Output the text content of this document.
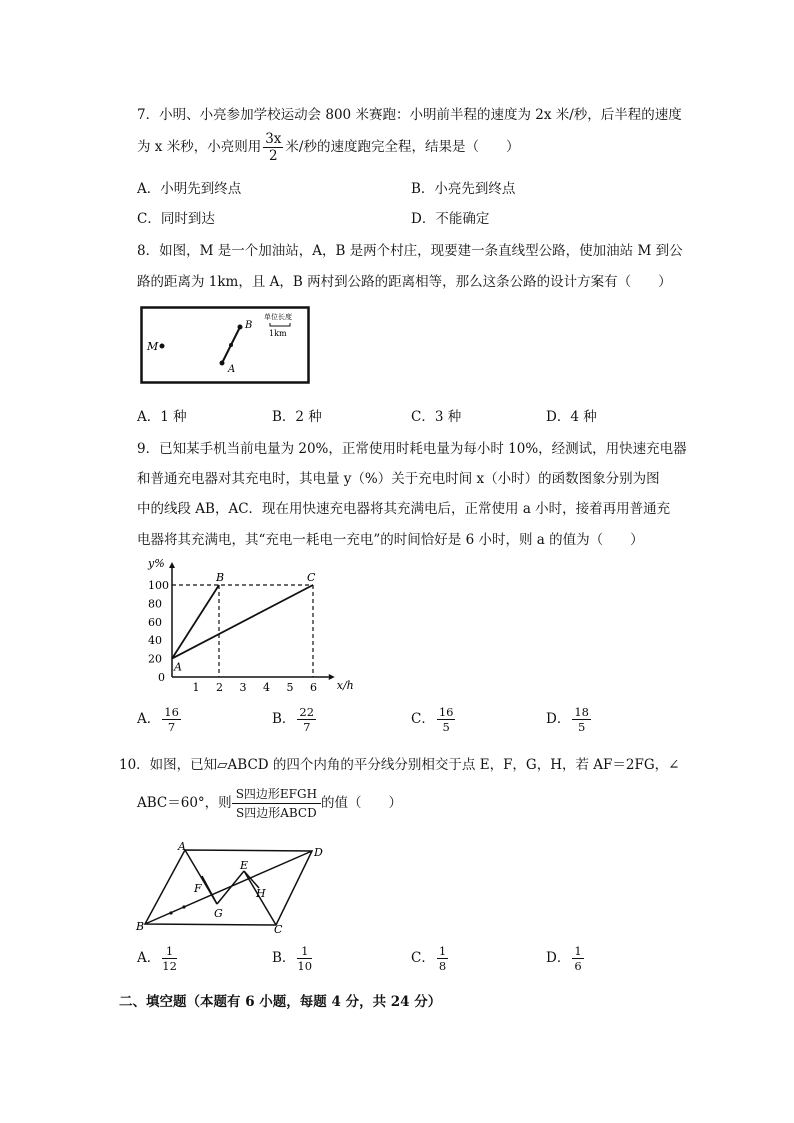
7．小明、小亮参加学校运动会 800 米赛跑：小明前半程的速度为 2x 米/秒，后半程的速度
为 x 米秒，小亮则用 $\frac{3x}{2}$ 米/秒的速度跑完全程，结果是（　　）
A．小明先到终点	B．小亮先到终点
C．同时到达	D．不能确定
8．如图，M 是一个加油站，A，B 是两个村庄，现要建一条直线型公路，使加油站 M 到公
路的距离为 1km，且 A，B 两村到公路的距离相等，那么这条公路的设计方案有（　　）
M
A
B
单位长度
1km
A．1 种	B．2 种	C．3 种	D．4 种
9．已知某手机当前电量为 20%，正常使用时耗电量为每小时 10%，经测试，用快速充电器
和普通充电器对其充电时，其电量 y（%）关于充电时间 x（小时）的函数图象分别为图
中的线段 AB，AC．现在用快速充电器将其充满电后，正常使用 a 小时，接着再用普通充
电器将其充满电，其“充电一耗电一充电”的时间恰好是 6 小时，则 a 的值为（　　）
y%
x/h
0
20
40
60
80
100
1 2 3 4 5 6
A
B	C
A． $\frac{16}{7}$	B． $\frac{22}{7}$	C． $\frac{16}{5}$	D． $\frac{18}{5}$
10．如图，已知▱ABCD 的四个内角的平分线分别相交于点 E，F，G，H，若 AF＝2FG，∠
ABC＝60°，则
S四边形EFGH
S四边形ABCD
的值（　　）
A
B	C
D
E
F
G
H
A． $\frac{1}{12}$	B． $\frac{1}{10}$	C． $\frac{1}{8}$	D． $\frac{1}{6}$
二、填空题（本题有 6 小题，每题 4 分，共 24 分）
